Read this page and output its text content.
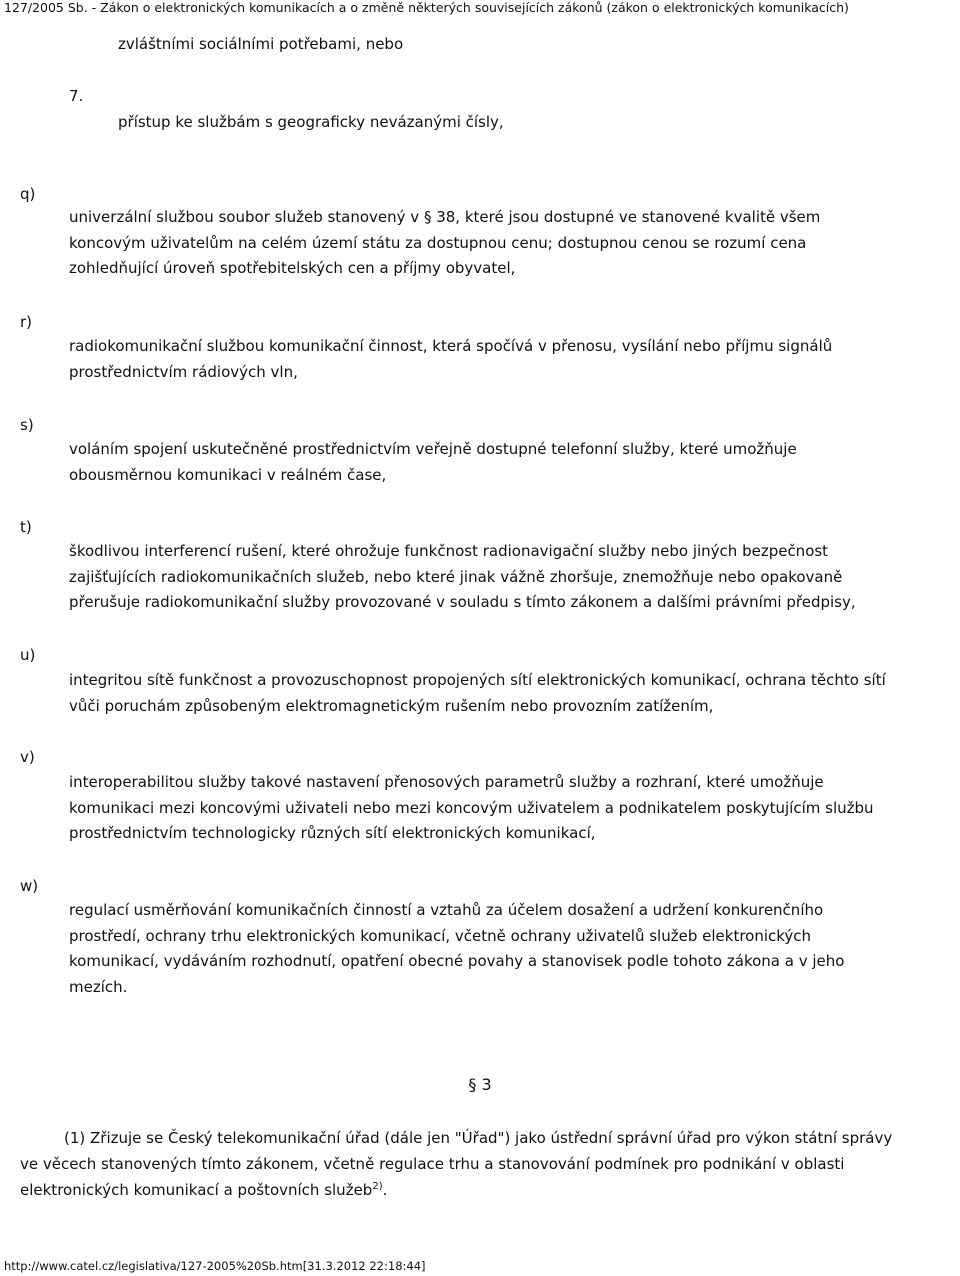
127/2005 Sb. - Zákon o elektronických komunikacích a o změně některých souvisejících zákonů (zákon o elektronických komunikacích)
zvláštními sociálními potřebami, nebo
7.
přístup ke službám s geograficky nevázanými čísly,
q)
univerzální službou soubor služeb stanovený v § 38, které jsou dostupné ve stanovené kvalitě všem
koncovým uživatelům na celém území státu za dostupnou cenu; dostupnou cenou se rozumí cena
zohledňující úroveň spotřebitelských cen a příjmy obyvatel,
r)
radiokomunikační službou komunikační činnost, která spočívá v přenosu, vysílání nebo příjmu signálů
prostřednictvím rádiových vln,
s)
voláním spojení uskutečněné prostřednictvím veřejně dostupné telefonní služby, které umožňuje
obousměrnou komunikaci v reálném čase,
t)
škodlivou interferencí rušení, které ohrožuje funkčnost radionavigační služby nebo jiných bezpečnost
zajišťujících radiokomunikačních služeb, nebo které jinak vážně zhoršuje, znemožňuje nebo opakovaně
přerušuje radiokomunikační služby provozované v souladu s tímto zákonem a dalšími právními předpisy,
u)
integritou sítě funkčnost a provozuschopnost propojených sítí elektronických komunikací, ochrana těchto sítí
vůči poruchám způsobeným elektromagnetickým rušením nebo provozním zatížením,
v)
interoperabilitou služby takové nastavení přenosových parametrů služby a rozhraní, které umožňuje
komunikaci mezi koncovými uživateli nebo mezi koncovým uživatelem a podnikatelem poskytujícím službu
prostřednictvím technologicky různých sítí elektronických komunikací,
w)
regulací usměrňování komunikačních činností a vztahů za účelem dosažení a udržení konkurenčního
prostředí, ochrany trhu elektronických komunikací, včetně ochrany uživatelů služeb elektronických
komunikací, vydáváním rozhodnutí, opatření obecné povahy a stanovisek podle tohoto zákona a v jeho
mezích.
§ 3
(1) Zřizuje se Český telekomunikační úřad (dále jen "Úřad") jako ústřední správní úřad pro výkon státní správy
ve věcech stanovených tímto zákonem, včetně regulace trhu a stanovování podmínek pro podnikání v oblasti
elektronických komunikací a poštovních služeb$^{2)}$.
http://www.catel.cz/legislativa/127-2005%20Sb.htm[31.3.2012 22:18:44]
